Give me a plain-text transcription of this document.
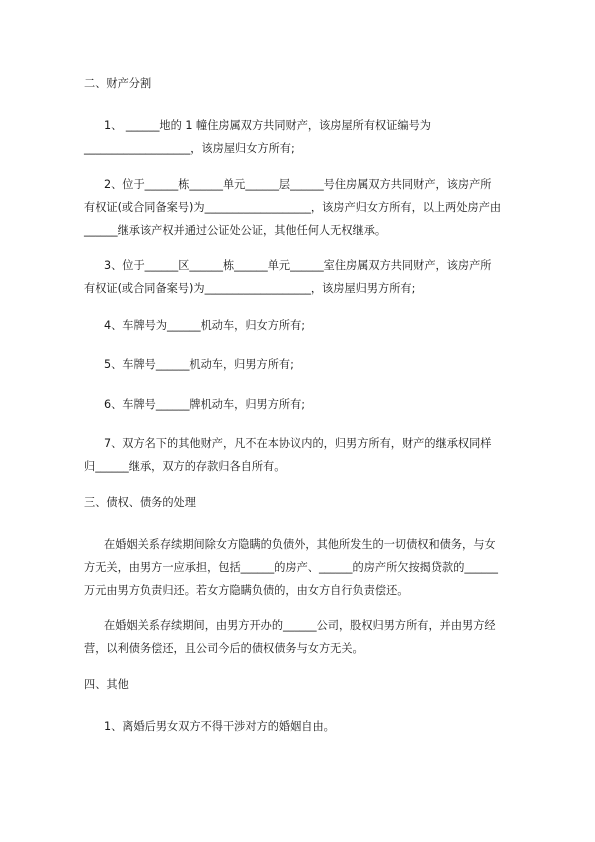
二、财产分割
1、 ______地的 1 幢住房属双方共同财产，该房屋所有权证编号为
___________________，该房屋归女方所有;
2、位于______栋______单元______层______号住房属双方共同财产，该房产所
有权证(或合同备案号)为___________________，该房产归女方所有，以上两处房产由
______继承该产权并通过公证处公证，其他任何人无权继承。
3、位于______区______栋______单元______室住房属双方共同财产，该房产所
有权证(或合同备案号)为___________________，该房屋归男方所有;
4、车牌号为______机动车，归女方所有;
5、车牌号______机动车，归男方所有;
6、车牌号______牌机动车，归男方所有;
7、双方名下的其他财产，凡不在本协议内的，归男方所有，财产的继承权同样
归______继承，双方的存款归各自所有。
三、债权、债务的处理
在婚姻关系存续期间除女方隐瞒的负债外，其他所发生的一切债权和债务，与女
方无关，由男方一应承担，包括______的房产、______的房产所欠按揭贷款的______
万元由男方负责归还。若女方隐瞒负债的，由女方自行负责偿还。
在婚姻关系存续期间，由男方开办的______公司，股权归男方所有，并由男方经
营，以利债务偿还，且公司今后的债权债务与女方无关。
四、其他
1、离婚后男女双方不得干涉对方的婚姻自由。
